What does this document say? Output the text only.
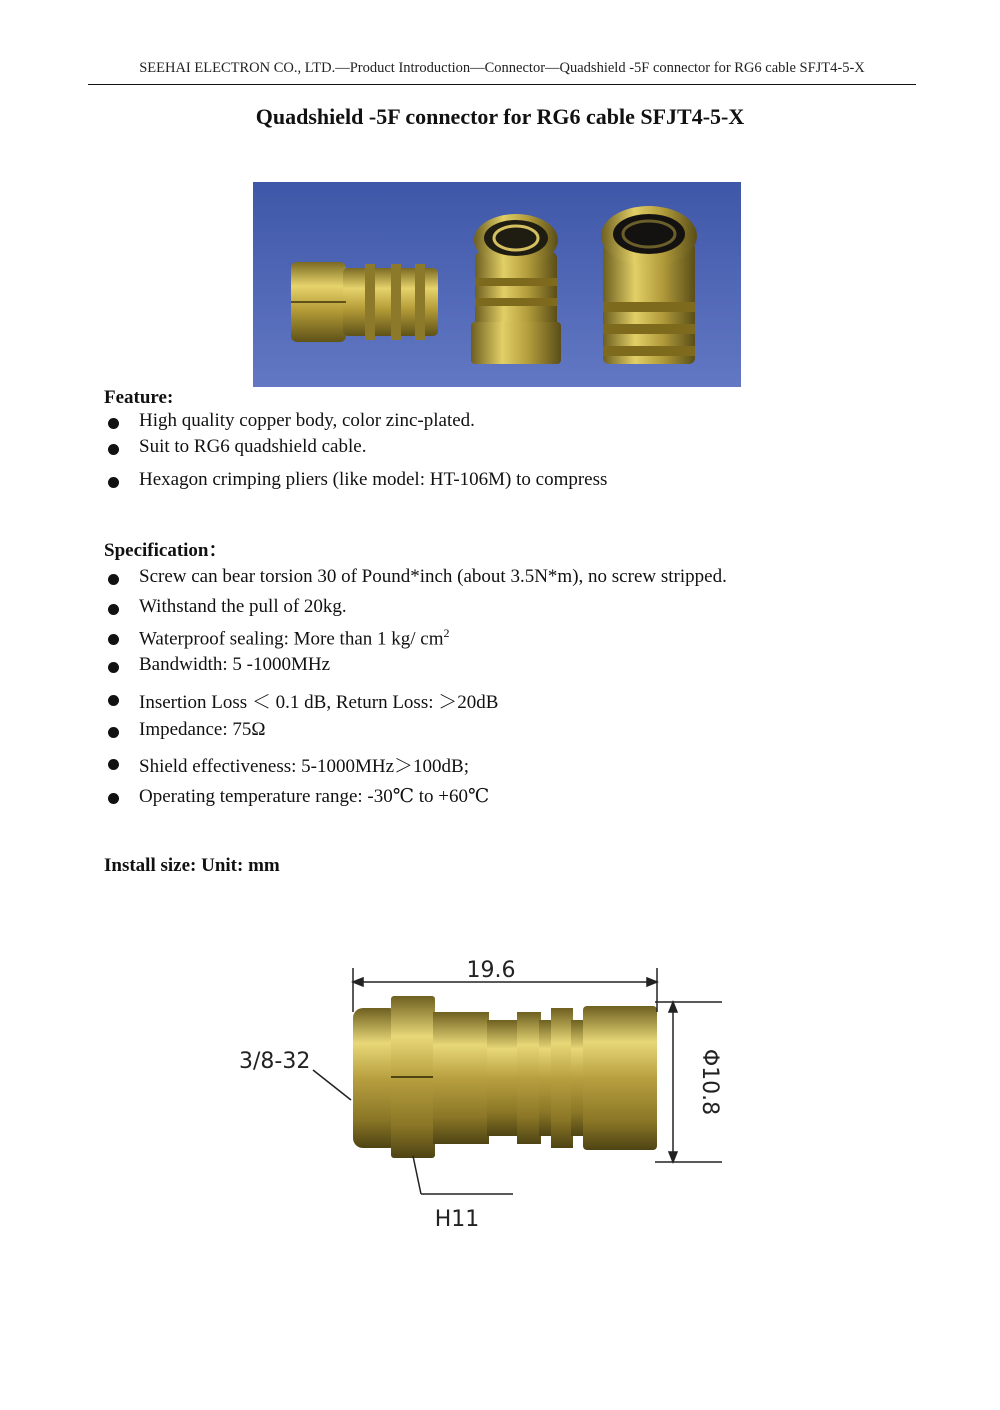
SEEHAI ELECTRON CO., LTD.—Product Introduction—Connector—Quadshield -5F connector for RG6 cable SFJT4-5-X
Quadshield -5F connector for RG6 cable SFJT4-5-X
Feature:
High quality copper body, color zinc-plated.
Suit to RG6 quadshield cable.
Hexagon crimping pliers (like model: HT-106M) to compress
Specification：
Screw can bear torsion 30 of Pound*inch (about 3.5N*m), no screw stripped.
Withstand the pull of 20kg.
Waterproof sealing: More than 1 kg/ $cm^2$
Bandwidth: 5 -1000MHz
Insertion Loss ＜ 0.1 dB, Return Loss: ＞20dB
Impedance: 75Ω
Shield effectiveness: 5-1000MHz＞100dB;
Operating temperature range: -30℃ to +60℃
Install size: Unit: mm
19.6
Φ10.8
3/8-32
H11
